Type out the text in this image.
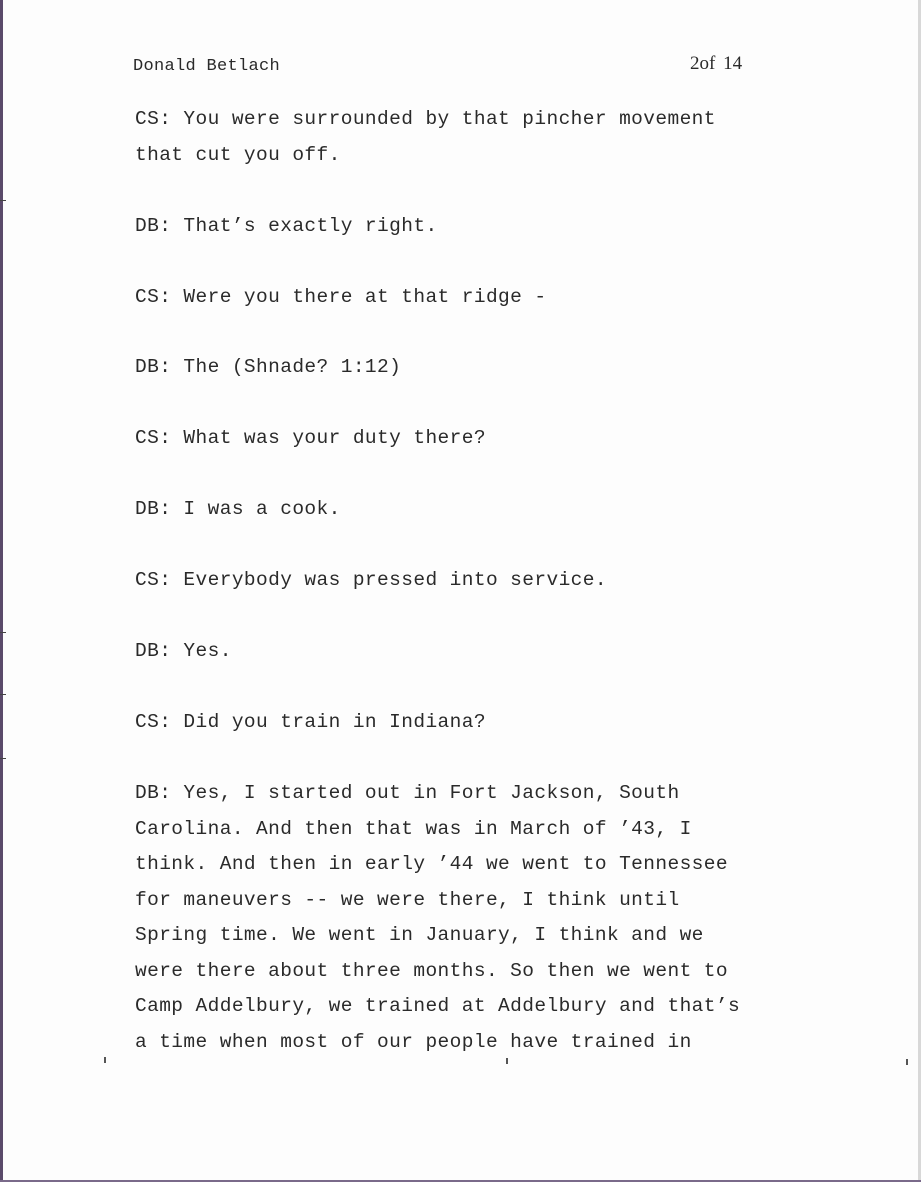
Donald Betlach	2of 14
CS: You were surrounded by that pincher movement
that cut you off.
DB: That’s exactly right.
CS: Were you there at that ridge -
DB: The (Shnade? 1:12)
CS: What was your duty there?
DB: I was a cook.
CS: Everybody was pressed into service.
DB: Yes.
CS: Did you train in Indiana?
DB: Yes, I started out in Fort Jackson, South
Carolina. And then that was in March of ’43, I
think. And then in early ’44 we went to Tennessee
for maneuvers -- we were there, I think until
Spring time. We went in January, I think and we
were there about three months. So then we went to
Camp Addelbury, we trained at Addelbury and that’s
a time when most of our people have trained in
